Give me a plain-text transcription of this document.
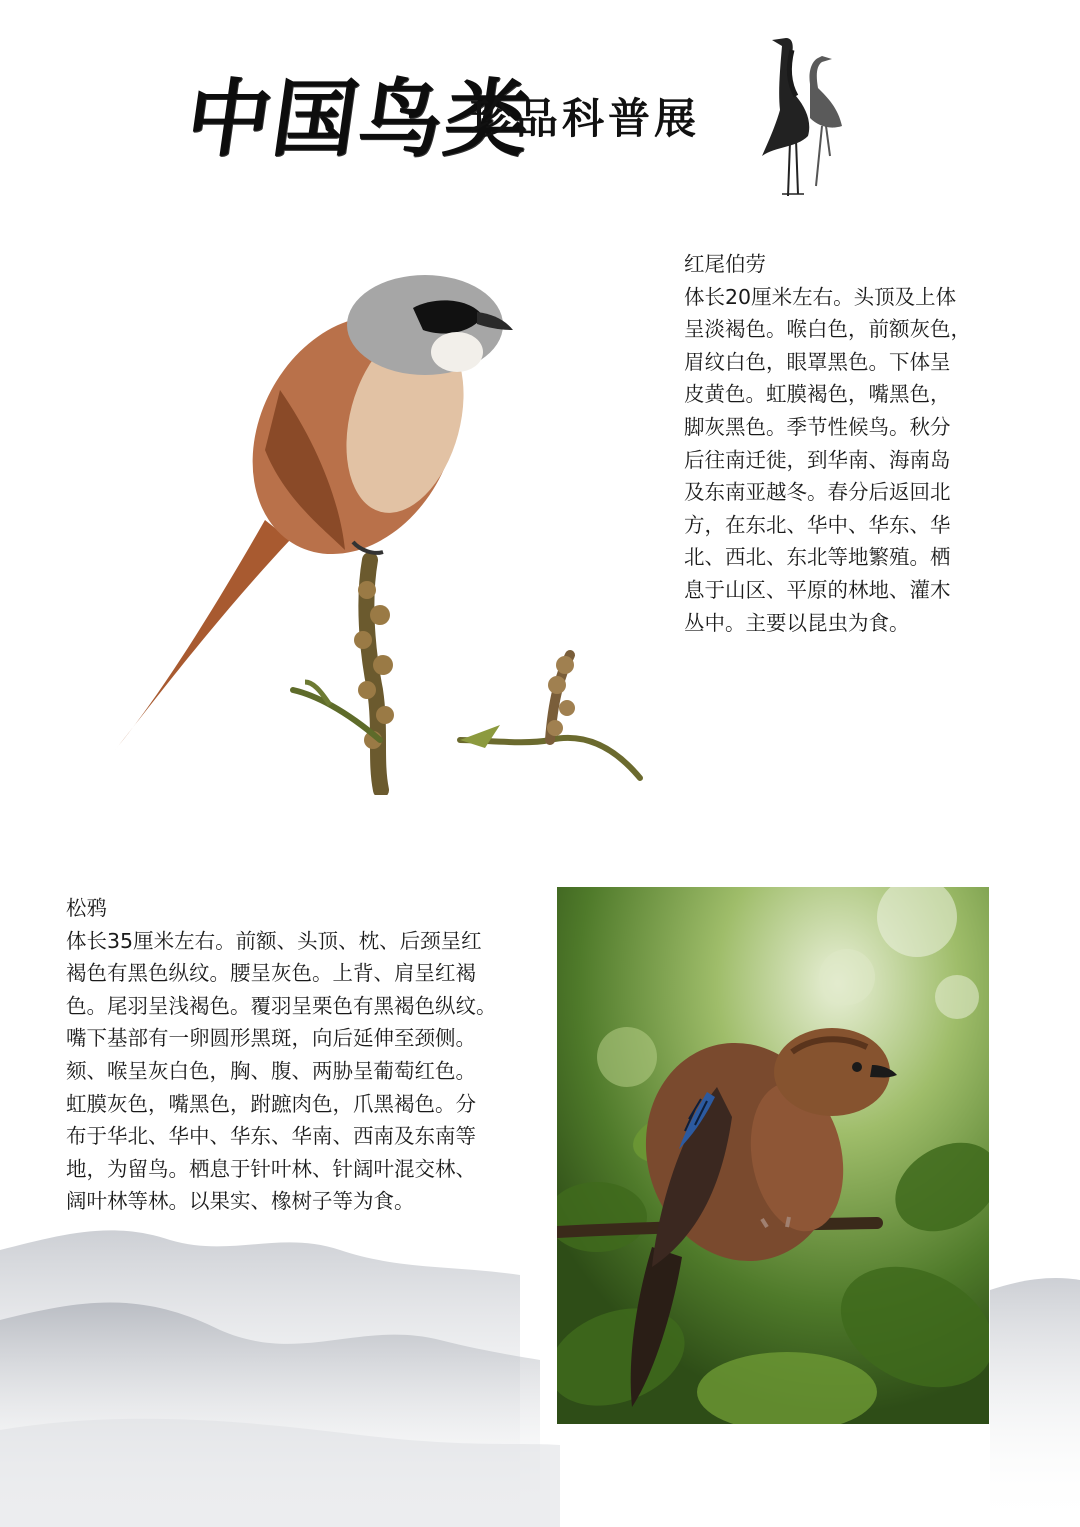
中国鸟类
珍品科普展
红尾伯劳
体长20厘米左右。头顶及上体
呈淡褐色。喉白色，前额灰色，
眉纹白色，眼罩黑色。下体呈
皮黄色。虹膜褐色，嘴黑色，
脚灰黑色。季节性候鸟。秋分
后往南迁徙，到华南、海南岛
及东南亚越冬。春分后返回北
方，在东北、华中、华东、华
北、西北、东北等地繁殖。栖
息于山区、平原的林地、灌木
丛中。主要以昆虫为食。
松鸦
体长35厘米左右。前额、头顶、枕、后颈呈红
褐色有黑色纵纹。腰呈灰色。上背、肩呈红褐
色。尾羽呈浅褐色。覆羽呈栗色有黑褐色纵纹。
嘴下基部有一卵圆形黑斑，向后延伸至颈侧。
颏、喉呈灰白色，胸、腹、两胁呈葡萄红色。
虹膜灰色，嘴黑色，跗蹠肉色，爪黑褐色。分
布于华北、华中、华东、华南、西南及东南等
地，为留鸟。栖息于针叶林、针阔叶混交林、
阔叶林等林。以果实、橡树子等为食。
